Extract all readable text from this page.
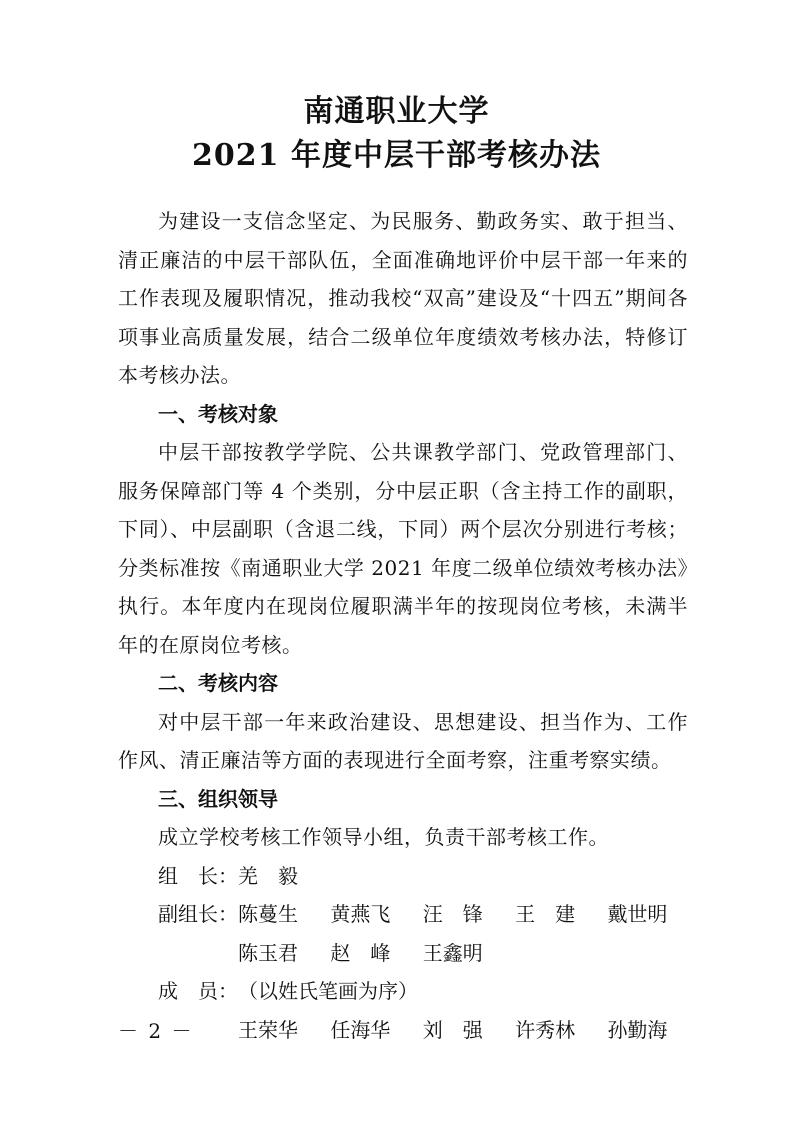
南通职业大学
2021 年度中层干部考核办法

为建设一支信念坚定、为民服务、勤政务实、敢于担当、清正廉洁的中层干部队伍，全面准确地评价中层干部一年来的工作表现及履职情况，推动我校“双高”建设及“十四五”期间各项事业高质量发展，结合二级单位年度绩效考核办法，特修订本考核办法。

一、考核对象

中层干部按教学学院、公共课教学部门、党政管理部门、服务保障部门等 4 个类别，分中层正职（含主持工作的副职，下同）、中层副职（含退二线，下同）两个层次分别进行考核；分类标准按《南通职业大学 2021 年度二级单位绩效考核办法》执行。本年度内在现岗位履职满半年的按现岗位考核，未满半年的在原岗位考核。

二、考核内容

对中层干部一年来政治建设、思想建设、担当作为、工作作风、清正廉洁等方面的表现进行全面考察，注重考察实绩。

三、组织领导

成立学校考核工作领导小组，负责干部考核工作。

组　长：羌　毅

副组长：陈蔓生 黄燕飞 汪　锋 王　建 戴世明

陈玉君 赵　峰 王鑫明

成　员：（以姓氏笔画为序）

王荣华 任海华 刘　强 许秀林 孙勤海

－ 2 －
